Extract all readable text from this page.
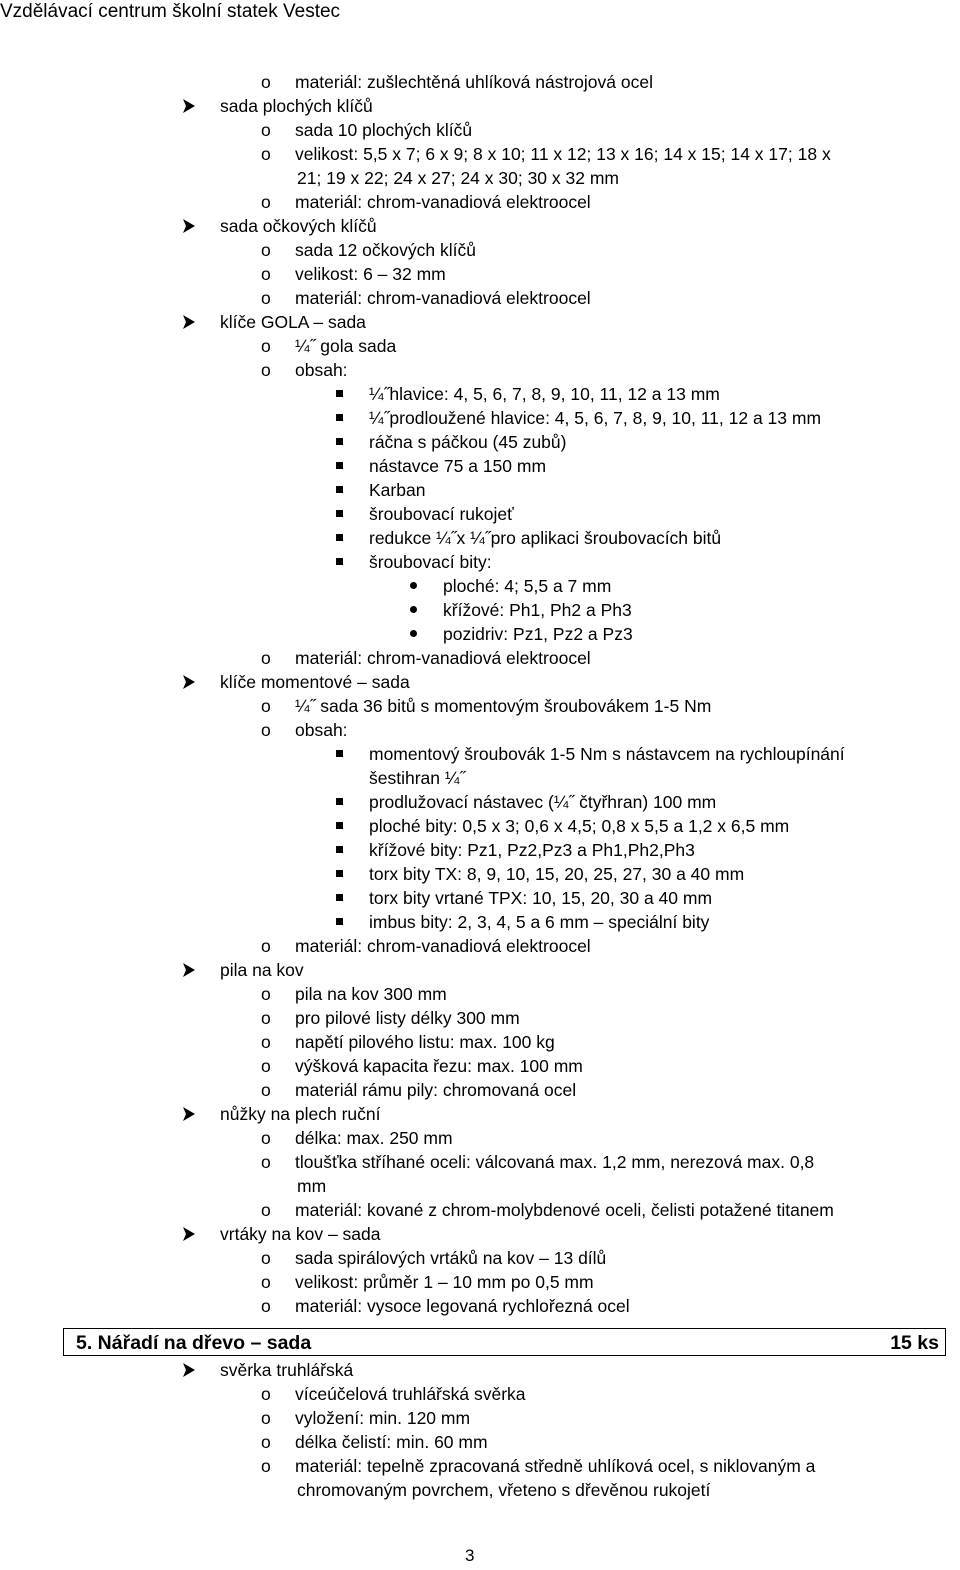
Vzdělávací centrum školní statek Vestec
o materiál: zušlechtěná uhlíková nástrojová ocel
sada plochých klíčů
o sada 10 plochých klíčů
o velikost: 5,5 x 7; 6 x 9; 8 x 10; 11 x 12; 13 x 16; 14 x 15; 14 x 17; 18 x
21; 19 x 22; 24 x 27; 24 x 30; 30 x 32 mm
o materiál: chrom-vanadiová elektroocel
sada očkových klíčů
o sada 12 očkových klíčů
o velikost: 6 – 32 mm
o materiál: chrom-vanadiová elektroocel
klíče GOLA – sada
o ¼˝ gola sada
o obsah:
¼˝hlavice: 4, 5, 6, 7, 8, 9, 10, 11, 12 a 13 mm
¼˝prodloužené hlavice: 4, 5, 6, 7, 8, 9, 10, 11, 12 a 13 mm
ráčna s páčkou (45 zubů)
nástavce 75 a 150 mm
Karban
šroubovací rukojeť
redukce ¼˝x ¼˝pro aplikaci šroubovacích bitů
šroubovací bity:
ploché: 4; 5,5 a 7 mm
křížové: Ph1, Ph2 a Ph3
pozidriv: Pz1, Pz2 a Pz3
o materiál: chrom-vanadiová elektroocel
klíče momentové – sada
o ¼˝ sada 36 bitů s momentovým šroubovákem 1-5 Nm
o obsah:
momentový šroubovák 1-5 Nm s nástavcem na rychloupínání
šestihran ¼˝
prodlužovací nástavec (¼˝ čtyřhran) 100 mm
ploché bity: 0,5 x 3; 0,6 x 4,5; 0,8 x 5,5 a 1,2 x 6,5 mm
křížové bity: Pz1, Pz2,Pz3 a Ph1,Ph2,Ph3
torx bity TX: 8, 9, 10, 15, 20, 25, 27, 30 a 40 mm
torx bity vrtané TPX: 10, 15, 20, 30 a 40 mm
imbus bity: 2, 3, 4, 5 a 6 mm – speciální bity
o materiál: chrom-vanadiová elektroocel
pila na kov
o pila na kov 300 mm
o pro pilové listy délky 300 mm
o napětí pilového listu: max. 100 kg
o výšková kapacita řezu: max. 100 mm
o materiál rámu pily: chromovaná ocel
nůžky na plech ruční
o délka: max. 250 mm
o tloušťka stříhané oceli: válcovaná max. 1,2 mm, nerezová max. 0,8
mm
o materiál: kované z chrom-molybdenové oceli, čelisti potažené titanem
vrtáky na kov – sada
o sada spirálových vrtáků na kov – 13 dílů
o velikost: průměr 1 – 10 mm po 0,5 mm
o materiál: vysoce legovaná rychlořezná ocel
5. Nářadí na dřevo – sada	15 ks
svěrka truhlářská
o víceúčelová truhlářská svěrka
o vyložení: min. 120 mm
o délka čelistí: min. 60 mm
o materiál: tepelně zpracovaná středně uhlíková ocel, s niklovaným a
chromovaným povrchem, vřeteno s dřevěnou rukojetí
3
